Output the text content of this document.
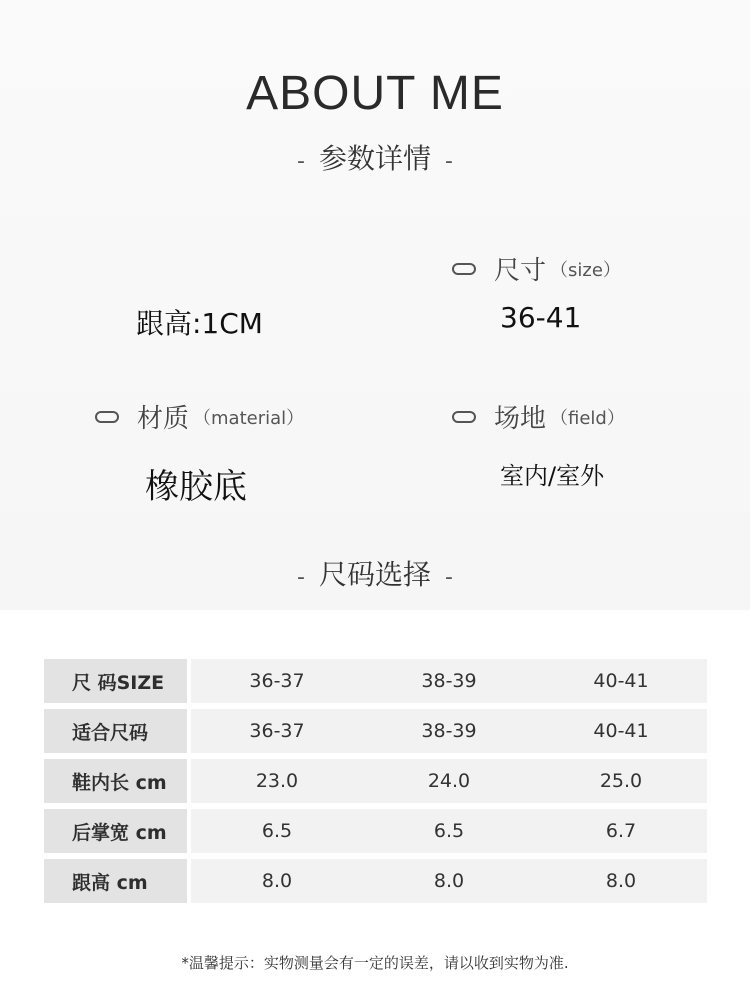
ABOUT ME
- 参数详情 -
尺寸 （size）
36-41
跟高:1CM
材质 （material）
橡胶底
场地 （field）
室内/室外
- 尺码选择 -
尺 码SIZE		36-37	38-39	40-41
适合尺码		36-37	38-39	40-41
鞋内长 cm		23.0	24.0	25.0
后掌宽 cm		6.5	6.5	6.7
跟高 cm		8.0	8.0	8.0
*温馨提示：实物测量会有一定的误差，请以收到实物为准.
